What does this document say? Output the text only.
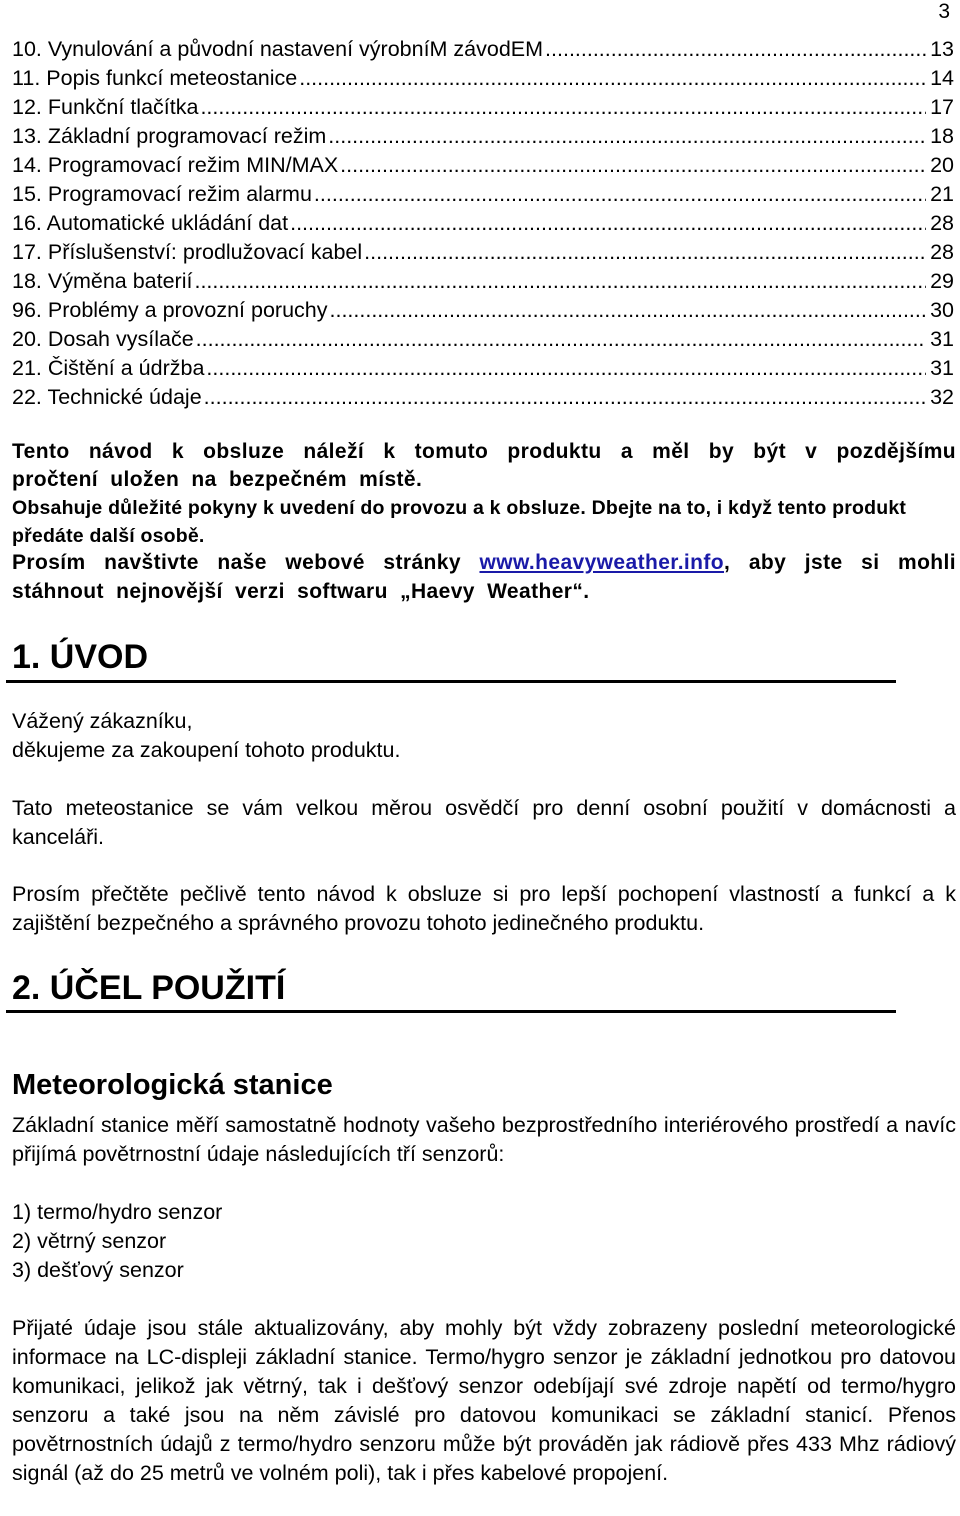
3
10. Vynulování a původní nastavení výrobníM závodEM .....	13
11. Popis funkcí meteostanice .....	14
12. Funkční tlačítka .....	17
13. Základní programovací režim .....	18
14. Programovací režim MIN/MAX .....	20
15. Programovací režim alarmu .....	21
16. Automatické ukládání dat .....	28
17. Příslušenství: prodlužovací kabel .....	28
18. Výměna baterií .....	29
96. Problémy a provozní poruchy .....	30
20. Dosah vysílače .....	31
21. Čištění a údržba .....	31
22. Technické údaje .....	32

Tento návod k obsluze náleží k tomuto produktu a měl by být v pozdějšímu pročtení uložen na bezpečném místě.

Obsahuje důležité pokyny k uvedení do provozu a k obsluze. Dbejte na to, i když tento produkt předáte další osobě.

Prosím navštivte naše webové stránky www.heavyweather.info, aby jste si mohli stáhnout nejnovější verzi softwaru „Haevy Weather“.
1. ÚVOD

Vážený zákazníku,

děkujeme za zakoupení tohoto produktu.

Tato meteostanice se vám velkou měrou osvědčí pro denní osobní použití v domácnosti a kanceláři.
Prosím přečtěte pečlivě tento návod k obsluze si pro lepší pochopení vlastností a funkcí a k zajištění bezpečného a správného provozu tohoto jedinečného produktu.
2. ÚČEL POUŽITÍ
Meteorologická stanice
Základní stanice měří samostatně hodnoty vašeho bezprostředního interiérového prostředí a navíc přijímá povětrnostní údaje následujících tří senzorů:

1) termo/hydro senzor

2) větrný senzor

3) dešťový senzor

Přijaté údaje jsou stále aktualizovány, aby mohly být vždy zobrazeny poslední meteorologické informace na LC-displeji základní stanice. Termo/hygro senzor je základní jednotkou pro datovou komunikaci, jelikož jak větrný, tak i dešťový senzor odebíjají své zdroje napětí od termo/hygro senzoru a také jsou na něm závislé pro datovou komunikaci se základní stanicí. Přenos povětrnostních údajů z termo/hydro senzoru může být prováděn jak rádiově přes 433 Mhz rádiový signál (až do 25 metrů ve volném poli), tak i přes kabelové propojení.
